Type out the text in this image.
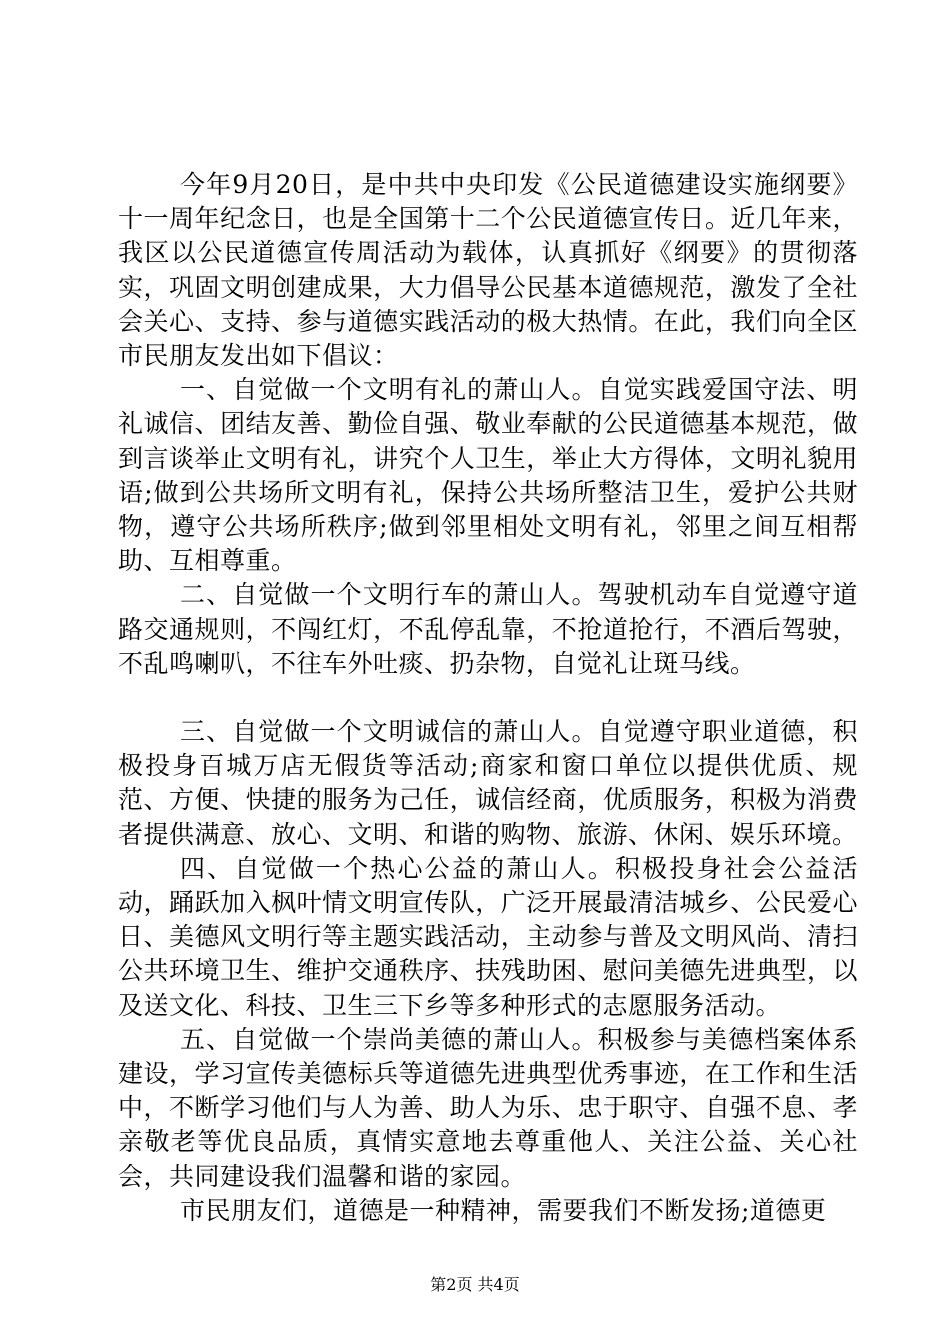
今年9月20日，是中共中央印发《公民道德建设实施纲要》十一周年纪念日，也是全国第十二个公民道德宣传日。近几年来，我区以公民道德宣传周活动为载体，认真抓好《纲要》的贯彻落实，巩固文明创建成果，大力倡导公民基本道德规范，激发了全社会关心、支持、参与道德实践活动的极大热情。在此，我们向全区市民朋友发出如下倡议：

一、自觉做一个文明有礼的萧山人。自觉实践爱国守法、明礼诚信、团结友善、勤俭自强、敬业奉献的公民道德基本规范，做到言谈举止文明有礼，讲究个人卫生，举止大方得体，文明礼貌用语;做到公共场所文明有礼，保持公共场所整洁卫生，爱护公共财物，遵守公共场所秩序;做到邻里相处文明有礼，邻里之间互相帮助、互相尊重。

二、自觉做一个文明行车的萧山人。驾驶机动车自觉遵守道路交通规则，不闯红灯，不乱停乱靠，不抢道抢行，不酒后驾驶，不乱鸣喇叭，不往车外吐痰、扔杂物，自觉礼让斑马线。

三、自觉做一个文明诚信的萧山人。自觉遵守职业道德，积极投身百城万店无假货等活动;商家和窗口单位以提供优质、规范、方便、快捷的服务为己任，诚信经商，优质服务，积极为消费者提供满意、放心、文明、和谐的购物、旅游、休闲、娱乐环境。

四、自觉做一个热心公益的萧山人。积极投身社会公益活动，踊跃加入枫叶情文明宣传队，广泛开展最清洁城乡、公民爱心日、美德风文明行等主题实践活动，主动参与普及文明风尚、清扫公共环境卫生、维护交通秩序、扶残助困、慰问美德先进典型，以及送文化、科技、卫生三下乡等多种形式的志愿服务活动。

五、自觉做一个崇尚美德的萧山人。积极参与美德档案体系建设，学习宣传美德标兵等道德先进典型优秀事迹，在工作和生活中，不断学习他们与人为善、助人为乐、忠于职守、自强不息、孝亲敬老等优良品质，真情实意地去尊重他人、关注公益、关心社会，共同建设我们温馨和谐的家园。

市民朋友们，道德是一种精神，需要我们不断发扬;道德更

第2页 共4页
